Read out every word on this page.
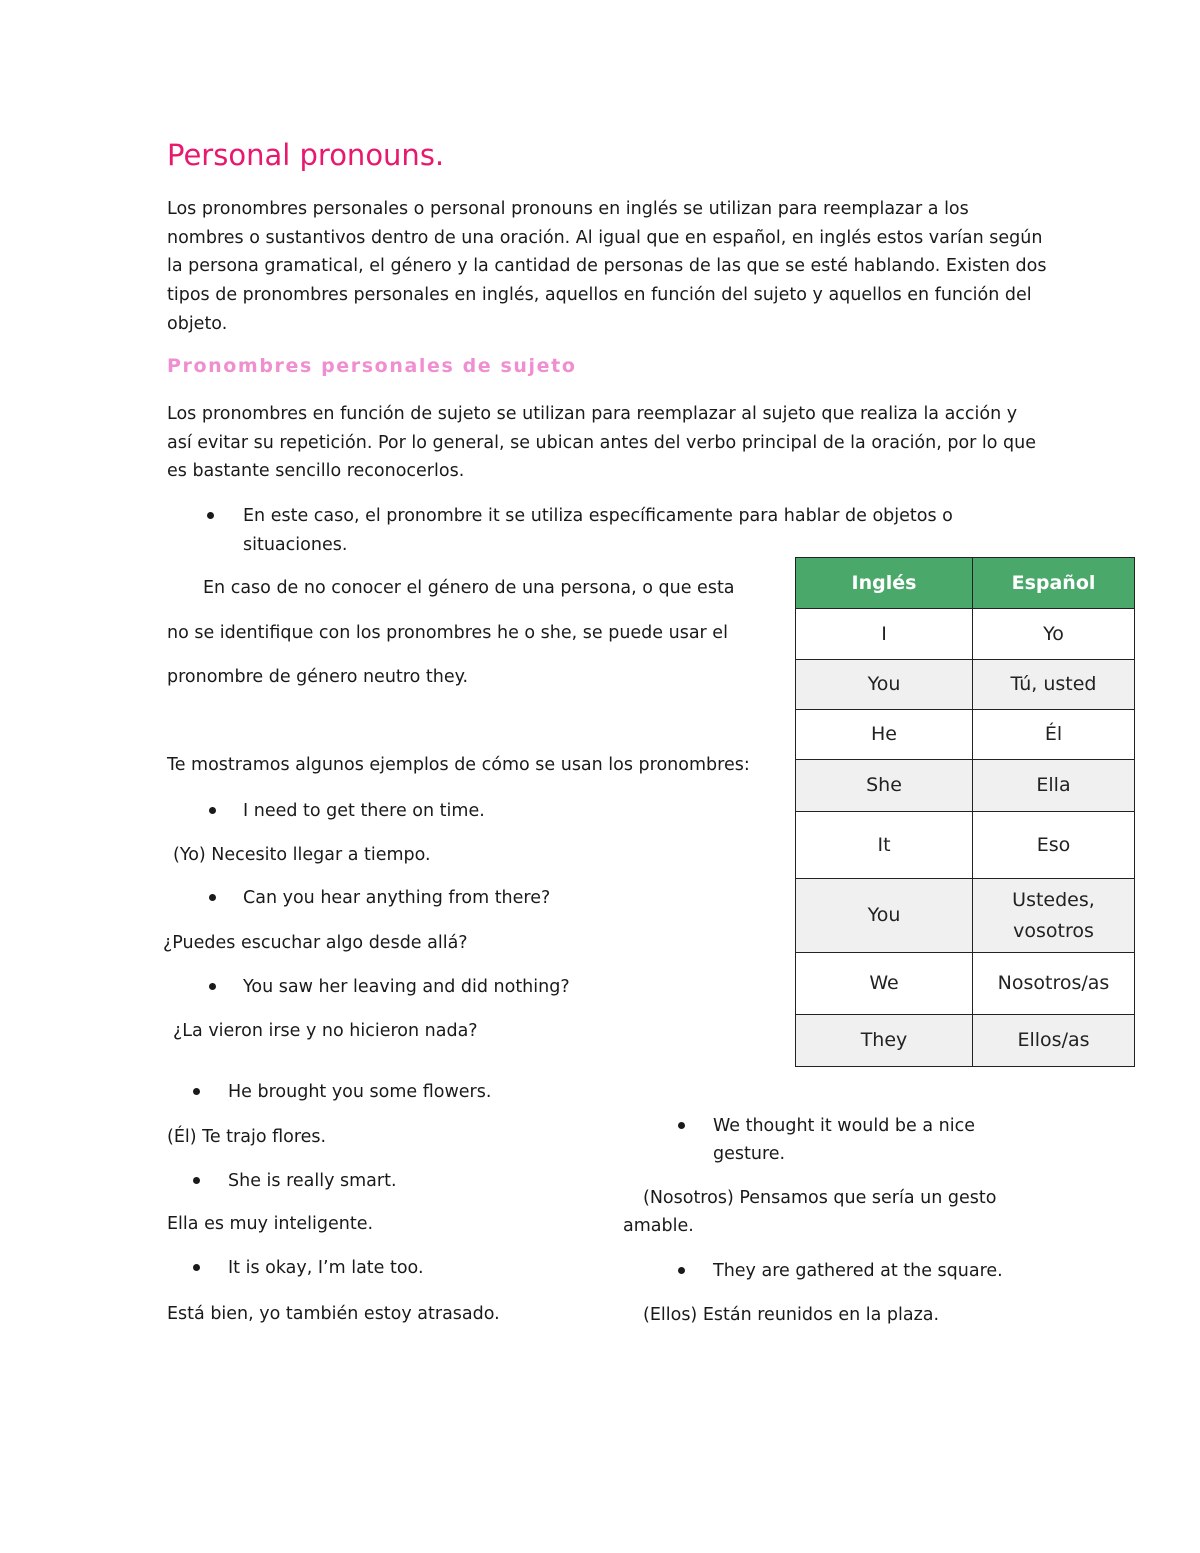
Personal pronouns.
Los pronombres personales o personal pronouns en inglés se utilizan para reemplazar a los
nombres o sustantivos dentro de una oración. Al igual que en español, en inglés estos varían según
la persona gramatical, el género y la cantidad de personas de las que se esté hablando. Existen dos
tipos de pronombres personales en inglés, aquellos en función del sujeto y aquellos en función del
objeto.
Pronombres personales de sujeto
Los pronombres en función de sujeto se utilizan para reemplazar al sujeto que realiza la acción y
así evitar su repetición. Por lo general, se ubican antes del verbo principal de la oración, por lo que
es bastante sencillo reconocerlos.
En este caso, el pronombre it se utiliza específicamente para hablar de objetos o
situaciones.
En caso de no conocer el género de una persona, o que esta
no se identifique con los pronombres he o she, se puede usar el
pronombre de género neutro they.
Te mostramos algunos ejemplos de cómo se usan los pronombres:
I need to get there on time.
(Yo) Necesito llegar a tiempo.
Can you hear anything from there?
¿Puedes escuchar algo desde allá?
You saw her leaving and did nothing?
¿La vieron irse y no hicieron nada?
He brought you some flowers.
(Él) Te trajo flores.
She is really smart.
Ella es muy inteligente.
It is okay, I’m late too.
Está bien, yo también estoy atrasado.
We thought it would be a nice
gesture.
(Nosotros) Pensamos que sería un gesto
amable.
They are gathered at the square.
(Ellos) Están reunidos en la plaza.
Inglés	Español
I	Yo
You	Tú, usted
He	Él
She	Ella
It	Eso
You	Ustedes, vosotros
We	Nosotros/as
They	Ellos/as
